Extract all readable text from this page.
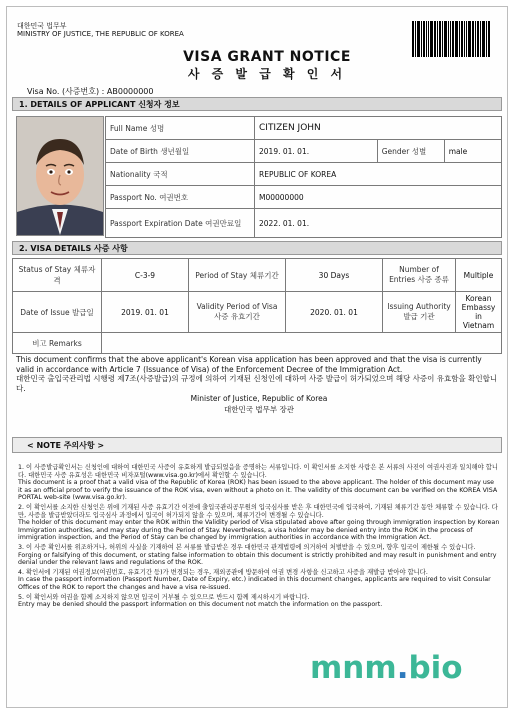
대한민국 법무부
MINISTRY OF JUSTICE, THE REPUBLIC OF KOREA
VISA GRANT NOTICE
사 증 발 급 확 인 서
Visa No. (사증번호) : AB0000000
1. DETAILS OF APPLICANT 신청자 정보
Full Name 성명	CITIZEN JOHN		
Date of Birth 생년월일	2019. 01. 01.	Gender 성별	male
Nationality 국적	REPUBLIC OF KOREA		
Passport No. 여권번호	M00000000		
Passport Expiration Date 여권만료일	2022. 01. 01.		
2. VISA DETAILS 사증 사항
Status of Stay 체류자격	C-3-9	Period of Stay 체류기간	30 Days	Number of Entries 사증 종류	Multiple
Date of Issue 발급일	2019. 01. 01	Validity Period of Visa 사증 유효기간	2020. 01. 01	Issuing Authority 발급 기관	Korean Embassy in Vietnam
비고 Remarks					
This document confirms that the above applicant's Korean visa application has been approved and that the visa is currently valid in accordance with Article 7 (Issuance of Visa) of the Enforcement Decree of the Immigration Act.
대한민국 출입국관리법 시행령 제7조(사증발급)의 규정에 의하여 기재된 신청인에 대하여 사증 발급이 허가되었으며 해당 사증이 유효함을 확인합니다.
Minister of Justice, Republic of Korea
대한민국 법무부 장관
< NOTE 주의사항 >
1. 이 사증발급확인서는 신청인에 대하여 대한민국 사증이 유효하게 발급되었음을 증명하는 서류입니다. 이 확인서를 소지한 사람은 본 서류의 사진이 여권사진과 일치해야 합니다. 대한민국 사증 유효성은 대한민국 비자포털(www.visa.go.kr)에서 확인할 수 있습니다.
This document is a proof that a valid visa of the Republic of Korea (ROK) has been issued to the above applicant. The holder of this document may use it as an official proof to verify the issuance of the ROK visa, even without a photo on it. The validity of this document can be verified on the KOREA VISA PORTAL web-site (www.visa.go.kr).
2. 이 확인서를 소지한 신청인은 위에 기재된 사증 유효기간 이전에 출입국관리공무원의 입국심사를 받은 후 대한민국에 입국하여, 기재된 체류기간 동안 체류할 수 있습니다. 다만, 사증을 발급받았더라도 입국심사 과정에서 입국이 허가되지 않을 수 있으며, 체류기간이 변경될 수 있습니다.
The holder of this document may enter the ROK within the Validity period of Visa stipulated above after going through immigration inspection by Korean Immigration authorities, and may stay during the Period of Stay. Nevertheless, a visa holder may be denied entry into the ROK in the process of immigration inspection, and the Period of Stay can be changed by immigration authorities in accordance with the Immigration Act.
3. 이 사증 확인서를 위조하거나, 허위의 사실을 기재하여 본 서류를 발급받은 경우 대한민국 관계법령에 의거하여 처벌받을 수 있으며, 향후 입국이 제한될 수 있습니다.
Forging or falsifying of this document, or stating false information to obtain this document is strictly prohibited and may result in punishment and entry denial under the relevant laws and regulations of the ROK.
4. 확인서에 기재된 여권정보(여권번호, 유효기간 등)가 변경되는 경우, 재외공관에 방문하여 여권 변경 사항을 신고하고 사증을 재발급 받아야 합니다.
In case the passport information (Passport Number, Date of Expiry, etc.) indicated in this document changes, applicants are required to visit Consular Offices of the ROK to report the changes and have a visa re-issued.
5. 이 확인서와 여권을 함께 소지하지 않으면 입국이 거부될 수 있으므로 반드시 함께 제시하시기 바랍니다.
Entry may be denied should the passport information on this document not match the information on the passport.
mnm.bio
